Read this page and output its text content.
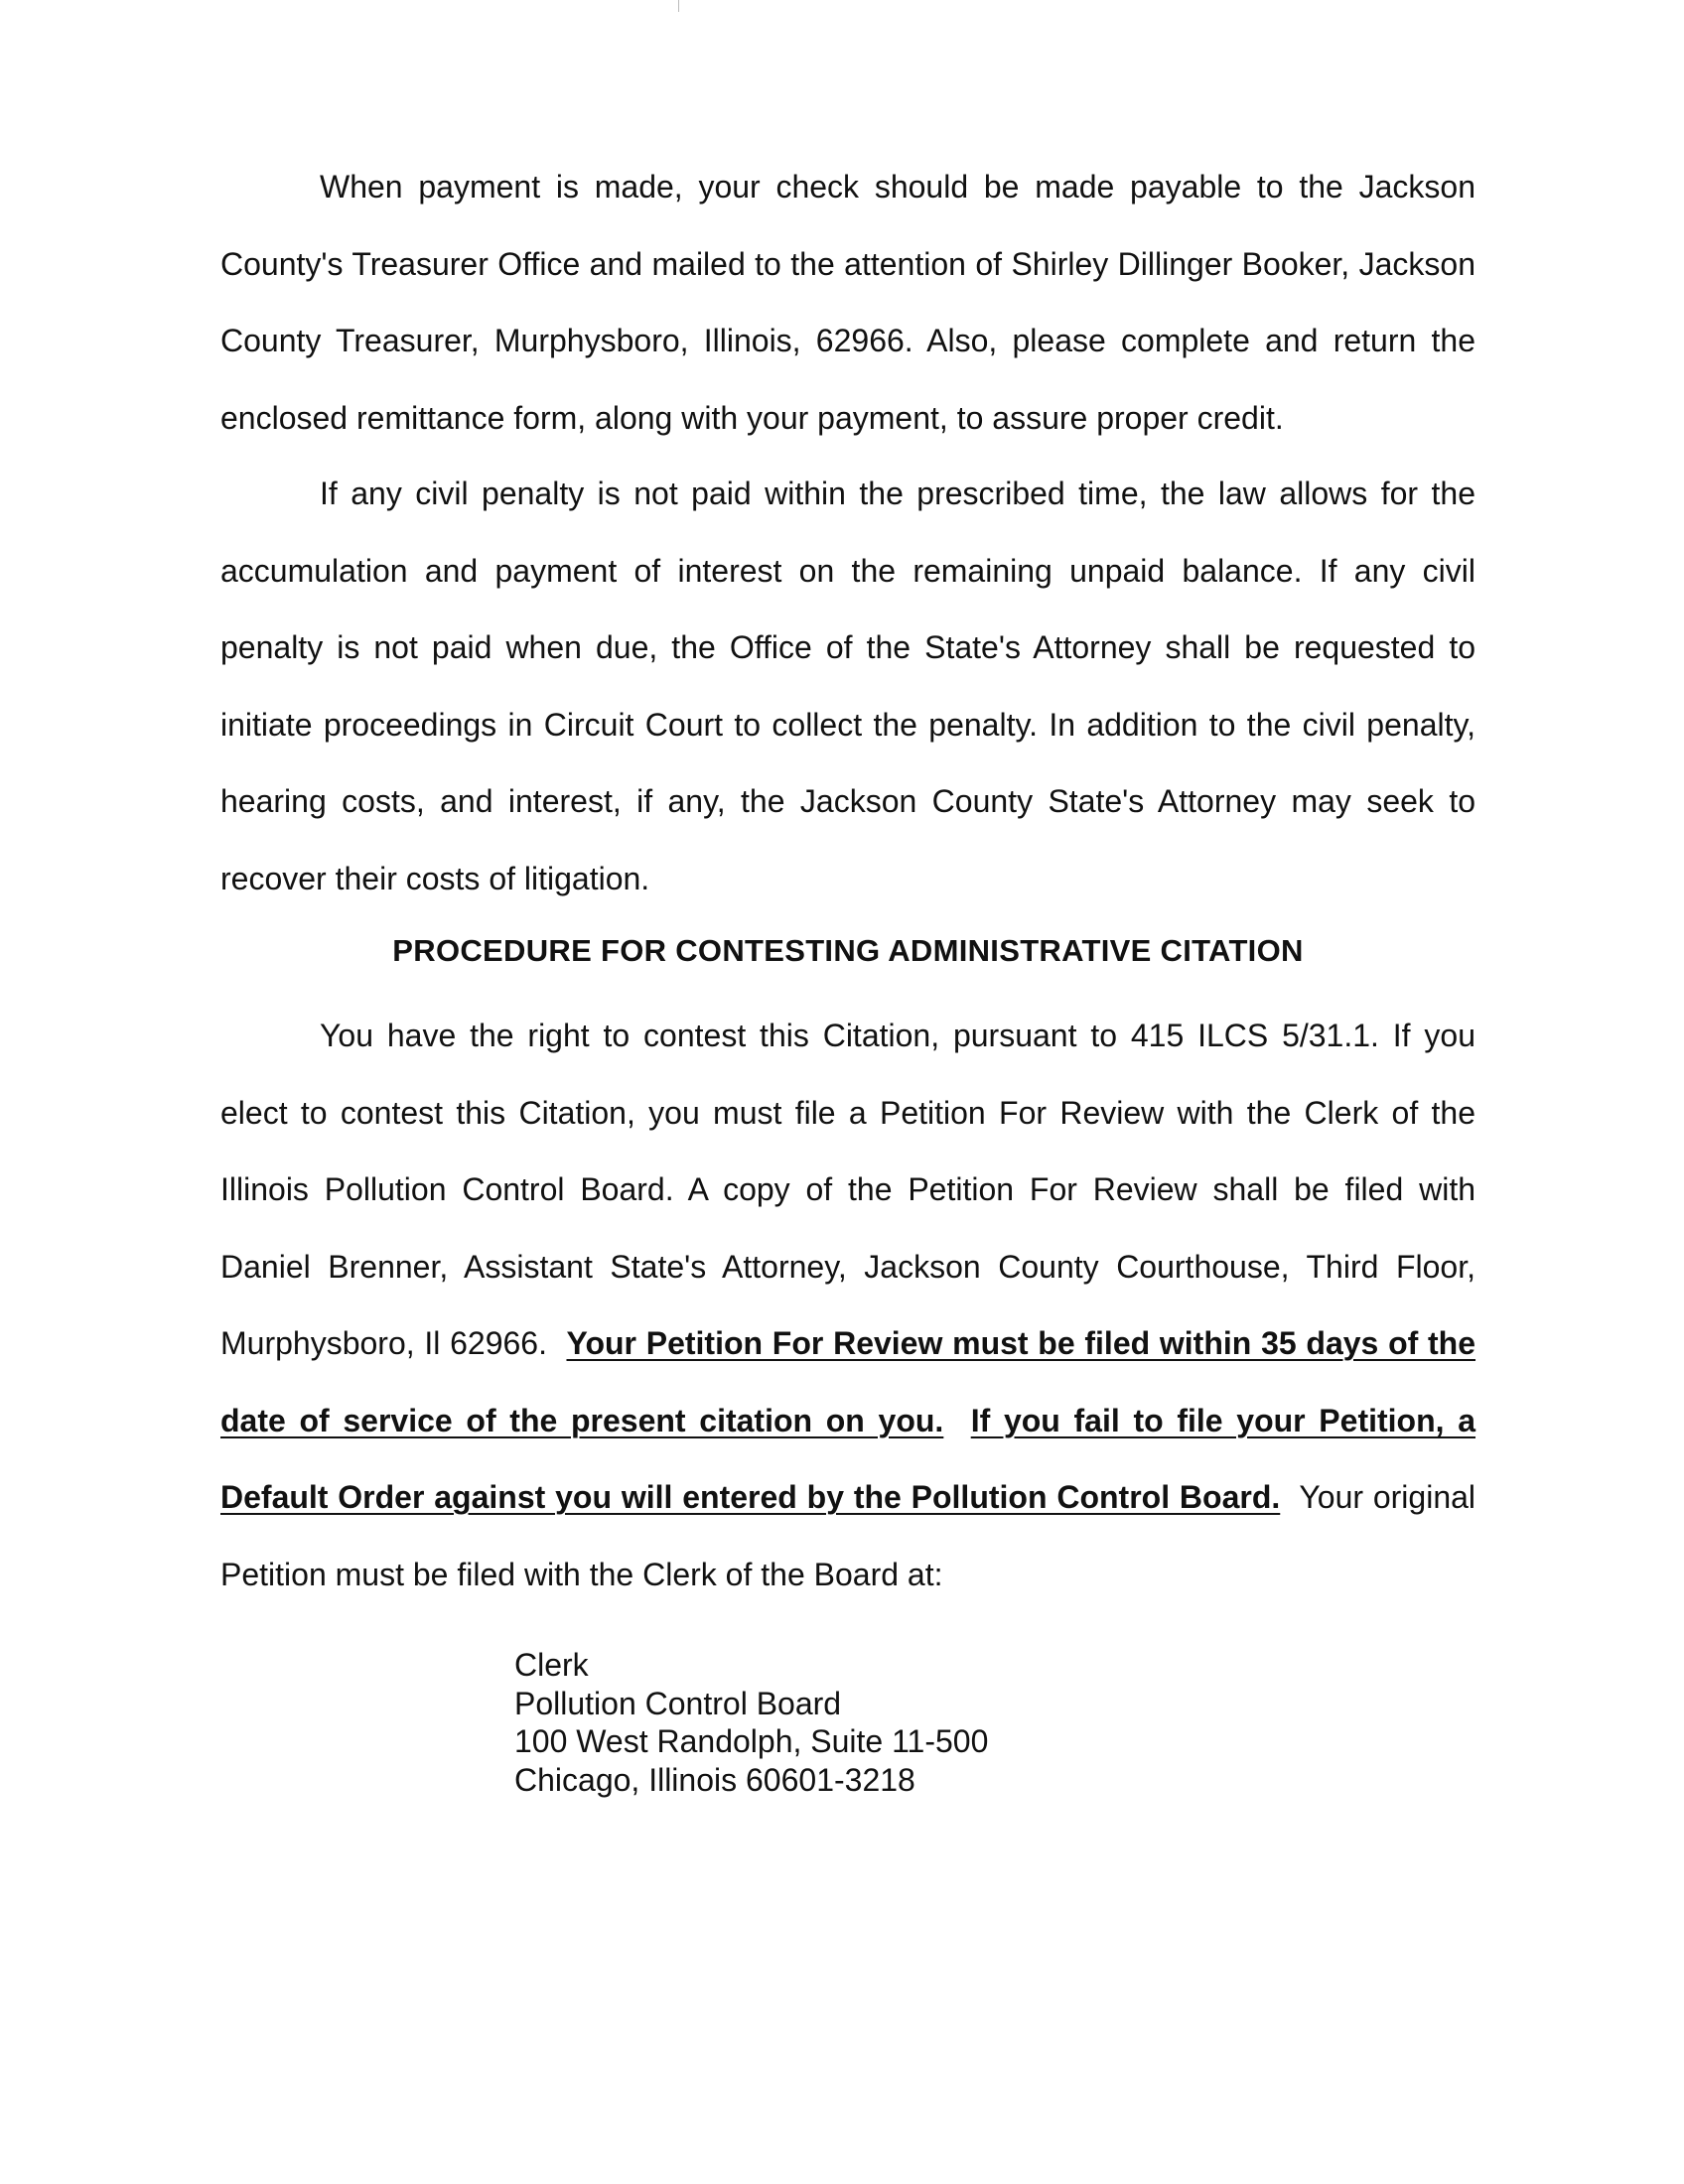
When payment is made, your check should be made payable to the Jackson County's Treasurer Office and mailed to the attention of Shirley Dillinger Booker, Jackson County Treasurer, Murphysboro, Illinois, 62966. Also, please complete and return the enclosed remittance form, along with your payment, to assure proper credit.

If any civil penalty is not paid within the prescribed time, the law allows for the accumulation and payment of interest on the remaining unpaid balance. If any civil penalty is not paid when due, the Office of the State's Attorney shall be requested to initiate proceedings in Circuit Court to collect the penalty. In addition to the civil penalty, hearing costs, and interest, if any, the Jackson County State's Attorney may seek to recover their costs of litigation.

PROCEDURE FOR CONTESTING ADMINISTRATIVE CITATION

You have the right to contest this Citation, pursuant to 415 ILCS 5/31.1. If you elect to contest this Citation, you must file a Petition For Review with the Clerk of the Illinois Pollution Control Board. A copy of the Petition For Review shall be filed with Daniel Brenner, Assistant State's Attorney, Jackson County Courthouse, Third Floor, Murphysboro, Il 62966. Your Petition For Review must be filed within 35 days of the date of service of the present citation on you. If you fail to file your Petition, a Default Order against you will entered by the Pollution Control Board. Your original Petition must be filed with the Clerk of the Board at:

Clerk
Pollution Control Board
100 West Randolph, Suite 11-500
Chicago, Illinois 60601-3218
